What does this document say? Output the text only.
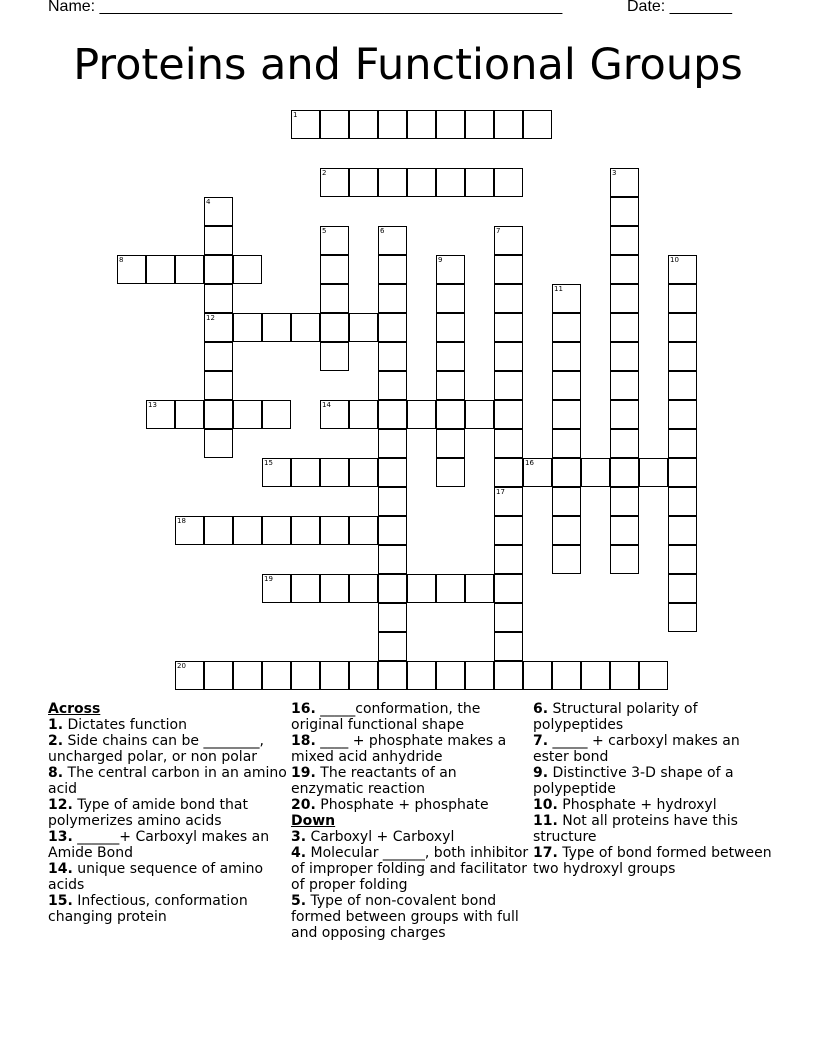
Name: ____________________________________________________	Date: _______
Proteins and Functional Groups
1
2	3
4
5	6	7
8	9	10
11
12
13	14
15	16
17
18
19
20
Across
1. Dictates function
2. Side chains can be ________, uncharged polar, or non polar
8. The central carbon in an amino acid
12. Type of amide bond that polymerizes amino acids
13. ______+ Carboxyl makes an Amide Bond
14. unique sequence of amino acids
15. Infectious, conformation changing protein
16. _____conformation, the original functional shape
18. ____ + phosphate makes a mixed acid anhydride
19. The reactants of an enzymatic reaction
20. Phosphate + phosphate
Down
3. Carboxyl + Carboxyl
4. Molecular ______, both inhibitor of improper folding and facilitator of proper folding
5. Type of non-covalent bond formed between groups with full and opposing charges
6. Structural polarity of polypeptides
7. _____ + carboxyl makes an ester bond
9. Distinctive 3-D shape of a polypeptide
10. Phosphate + hydroxyl
11. Not all proteins have this structure
17. Type of bond formed between two hydroxyl groups
